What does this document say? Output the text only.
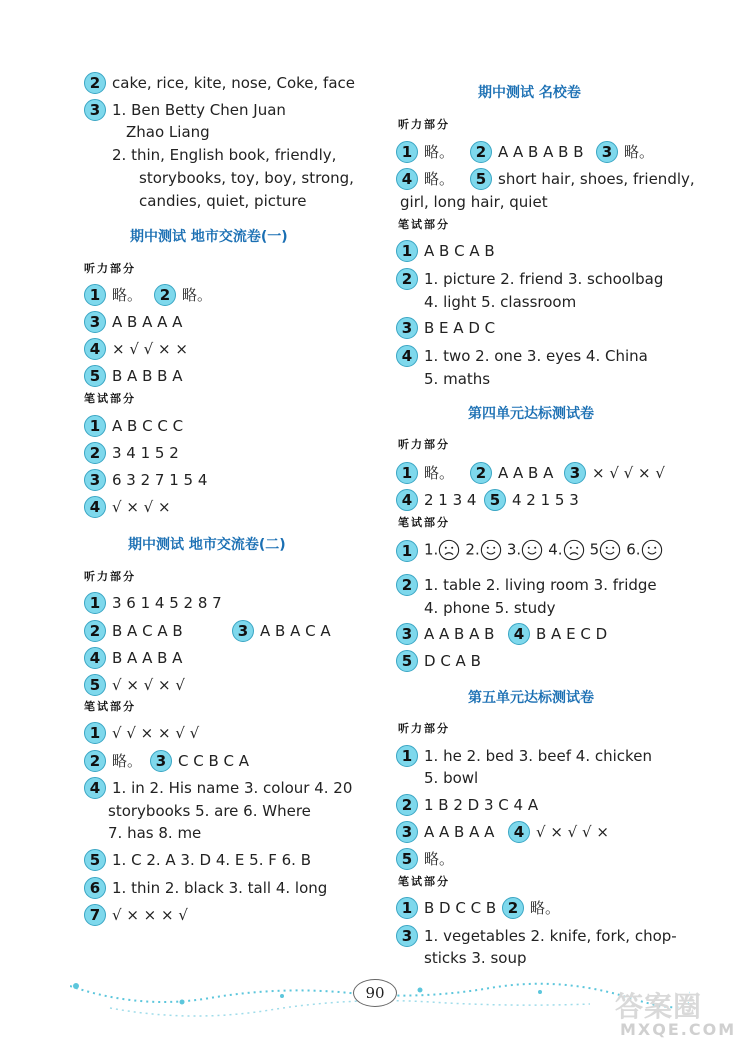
2 cake, rice, kite, nose, Coke, face
3 1. Ben Betty Chen Juan
Zhao Liang
2. thin, English book, friendly,
storybooks, toy, boy, strong,
candies, quiet, picture
期中测试 地市交流卷(一)
听力部分
1 略。	2 略。
3 A B A A A
4 × √ √ × ×
5 B A B B A
笔试部分
1 A B C C C
2 3 4 1 5 2
3 6 3 2 7 1 5 4
4 √ × √ ×
期中测试 地市交流卷(二)
听力部分
1 3 6 1 4 5 2 8 7
2 B A C A B	3 A B A C A
4 B A A B A
5 √ × √ × √
笔试部分
1 √ √ × × √ √
2 略。 3 C C B C A
4 1. in 2. His name 3. colour 4. 20
storybooks 5. are 6. Where
7. has 8. me
5 1. C 2. A 3. D 4. E 5. F 6. B
6 1. thin 2. black 3. tall 4. long
7 √ × × × √
期中测试 名校卷
听力部分
1 略。	2 A A B A B B	3 略。
4 略。	5 short hair, shoes, friendly,
girl, long hair, quiet
笔试部分
1 A B C A B
2 1. picture 2. friend 3. schoolbag
4. light 5. classroom
3 B E A D C
4 1. two 2. one 3. eyes 4. China
5. maths
第四单元达标测试卷
听力部分
1 略。	2 A A B A	3 × √ √ × √
4 2 1 3 4 5 4 2 1 5 3
笔试部分
1 1. 2. 3. 4. 5 6.
2 1. table 2. living room 3. fridge
4. phone 5. study
3 A A B A B	4 B A E C D
5 D C A B
第五单元达标测试卷
听力部分
1 1. he 2. bed 3. beef 4. chicken
5. bowl
2 1 B 2 D 3 C 4 A
3 A A B A A	4 √ × √ √ ×
5 略。
笔试部分
1 B D C C B 2 略。
3 1. vegetables 2. knife, fork, chop-
sticks 3. soup
90	答案圈
MXQE.COM
